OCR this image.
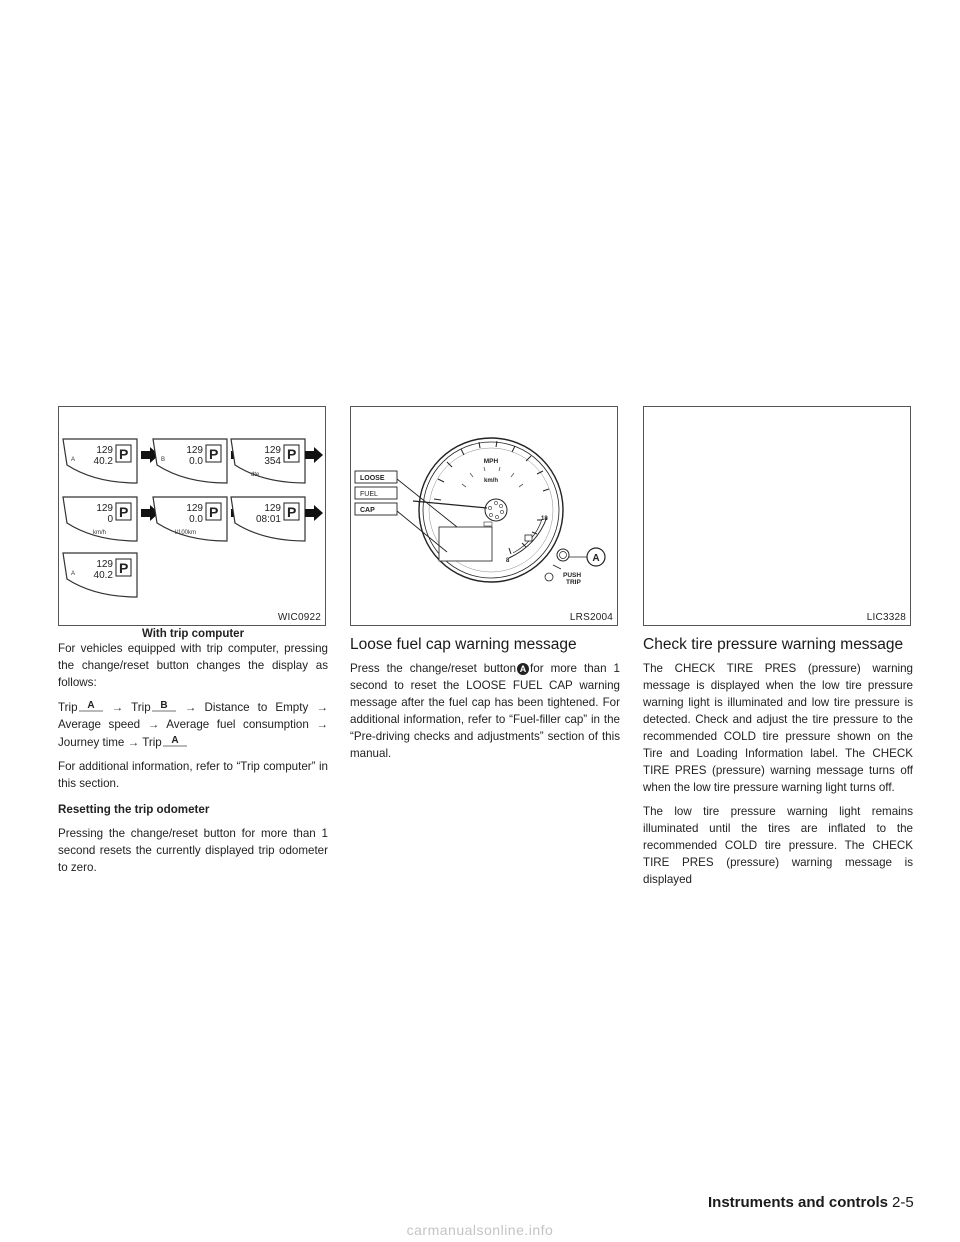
A
129
40.2 P	B
129
0.0 P	129
354 P
dte
129
0 P
km/h
129
0.0 P
l/100km
129
08:01 P
A
129
40.2 P
WIC0922
With trip computer

For vehicles equipped with trip computer, pressing the change/reset button changes the display as follows:

Trip A → Trip B → Distance to Empty → Average speed → Average fuel consumption → Journey time → Trip A

For additional information, refer to “Trip computer” in this section.

Resetting the trip odometer

Pressing the change/reset button for more than 1 second resets the currently displayed trip odometer to zero.

MPH
km/h
18
8	A
PUSH
TRIP
LOOSE
FUEL
CAP
LRS2004
Loose fuel cap warning message

Press the change/reset button A for more than 1 second to reset the LOOSE FUEL CAP warning message after the fuel cap has been tightened. For additional information, refer to “Fuel-filler cap” in the “Pre-driving checks and adjustments” section of this manual.

LIC3328
Check tire pressure warning message

The CHECK TIRE PRES (pressure) warning message is displayed when the low tire pressure warning light is illuminated and low tire pressure is detected. Check and adjust the tire pressure to the recommended COLD tire pressure shown on the Tire and Loading Information label. The CHECK TIRE PRES (pressure) warning message turns off when the low tire pressure warning light turns off.

The low tire pressure warning light remains illuminated until the tires are inflated to the recommended COLD tire pressure. The CHECK TIRE PRES (pressure) warning message is displayed

Instruments and controls 2-5
carmanualsonline.info
